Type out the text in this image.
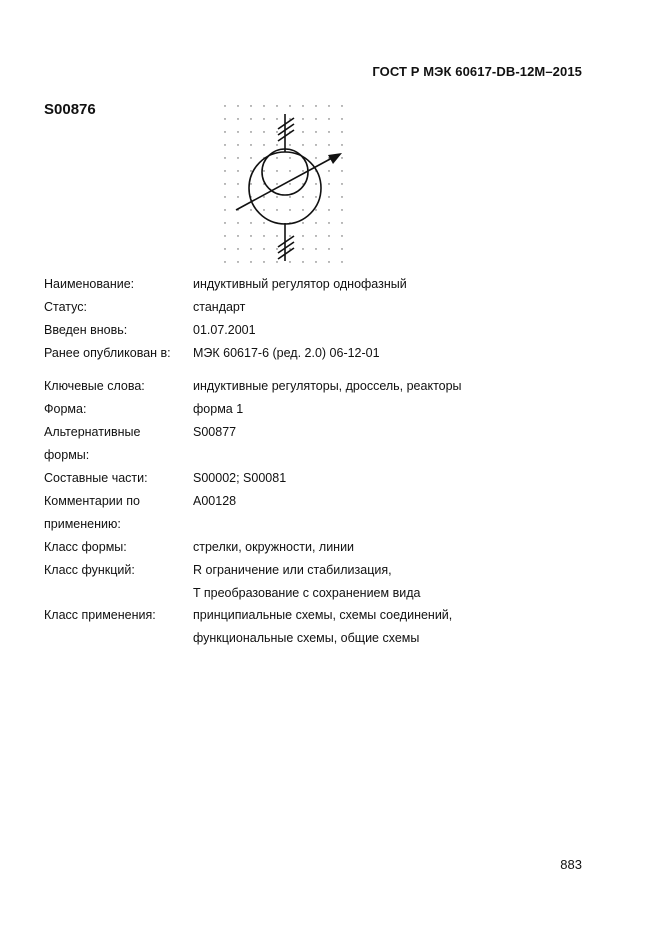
ГОСТ Р МЭК 60617-DB-12M–2015
S00876
Наименование:	индуктивный регулятор однофазный
Статус:	стандарт
Введен вновь:	01.07.2001
Ранее опубликован в: МЭК 60617-6 (ред. 2.0) 06-12-01
Ключевые слова:	индуктивные регуляторы, дроссель, реакторы
Форма:	форма 1
Альтернативные
формы:
S00877
Составные части:	S00002; S00081
Комментарии по
применению:
A00128
Класс формы:	стрелки, окружности, линии
Класс функций:	R ограничение или стабилизация,
T преобразование с сохранением вида
Класс применения:	принципиальные схемы, схемы соединений,
функциональные схемы, общие схемы
883
